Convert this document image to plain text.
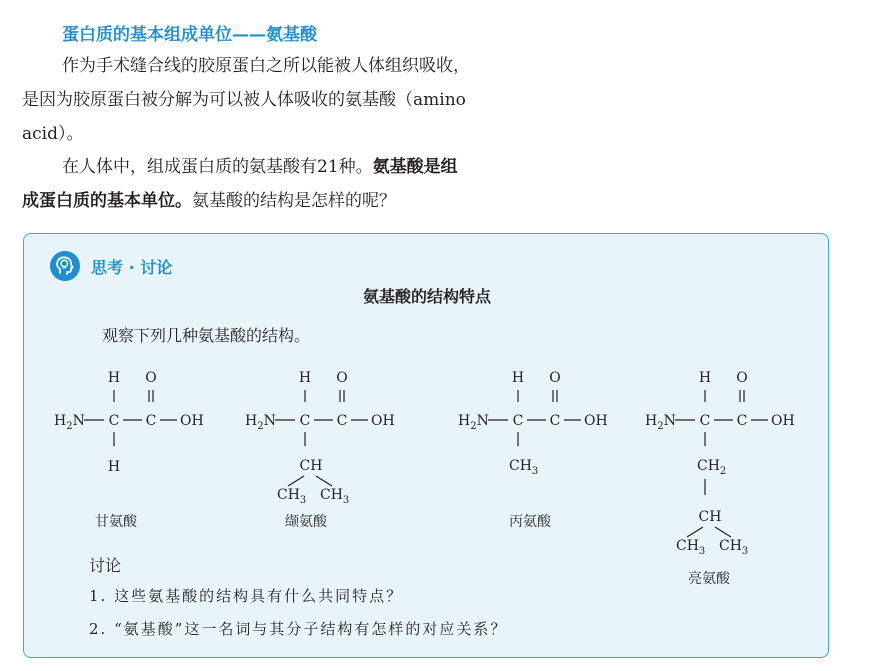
蛋白质的基本组成单位——氨基酸
作为手术缝合线的胶原蛋白之所以能被人体组织吸收，
是因为胶原蛋白被分解为可以被人体吸收的氨基酸（amino
acid）。
在人体中，组成蛋白质的氨基酸有21种。氨基酸是组
成蛋白质的基本单位。氨基酸的结构是怎样的呢？
思考 · 讨论
氨基酸的结构特点
观察下列几种氨基酸的结构。
H O
$H_2N$ C C OH
H
甘氨酸
H O
$H_2N$ C C OH
CH
$CH_3$ $CH_3$
缬氨酸
H O
$H_2N$ C C OH
$CH_3$
丙氨酸
H O
$H_2N$ C C OH
$CH_2$
CH
$CH_3$ $CH_3$
亮氨酸
讨论
1. 这些氨基酸的结构具有什么共同特点？
2. “氨基酸”这一名词与其分子结构有怎样的对应关系？
